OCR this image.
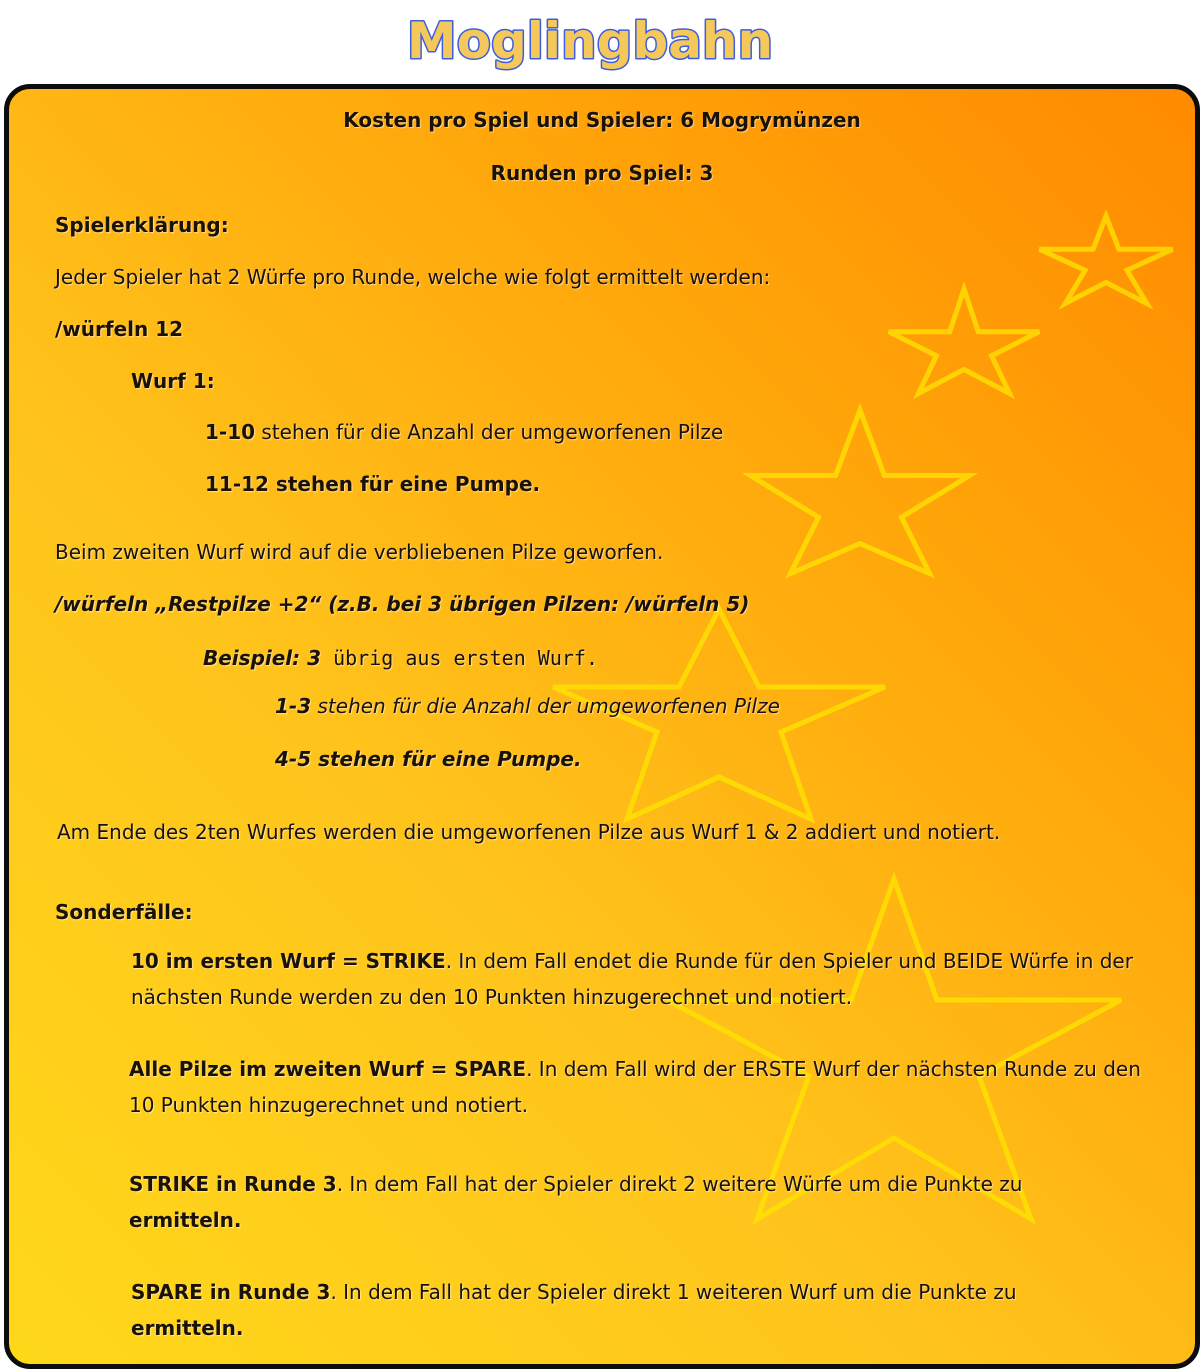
Moglingbahn

Kosten pro Spiel und Spieler: 6 Mogrymünzen

Runden pro Spiel: 3

Spielerklärung:

Jeder Spieler hat 2 Würfe pro Runde, welche wie folgt ermittelt werden:

/würfeln 12

Wurf 1:

1-10 stehen für die Anzahl der umgeworfenen Pilze

11-12 stehen für eine Pumpe.

Beim zweiten Wurf wird auf die verbliebenen Pilze geworfen.

/würfeln „Restpilze +2“ (z.B. bei 3 übrigen Pilzen: /würfeln 5)

Beispiel: 3 übrig aus ersten Wurf.

1-3 stehen für die Anzahl der umgeworfenen Pilze

4-5 stehen für eine Pumpe.

Am Ende des 2ten Wurfes werden die umgeworfenen Pilze aus Wurf 1 & 2 addiert und notiert.

Sonderfälle:

10 im ersten Wurf = STRIKE. In dem Fall endet die Runde für den Spieler und BEIDE Würfe in der nächsten Runde werden zu den 10 Punkten hinzugerechnet und notiert.

Alle Pilze im zweiten Wurf = SPARE. In dem Fall wird der ERSTE Wurf der nächsten Runde zu den 10 Punkten hinzugerechnet und notiert.

STRIKE in Runde 3. In dem Fall hat der Spieler direkt 2 weitere Würfe um die Punkte zu
ermitteln.

SPARE in Runde 3. In dem Fall hat der Spieler direkt 1 weiteren Wurf um die Punkte zu
ermitteln.
